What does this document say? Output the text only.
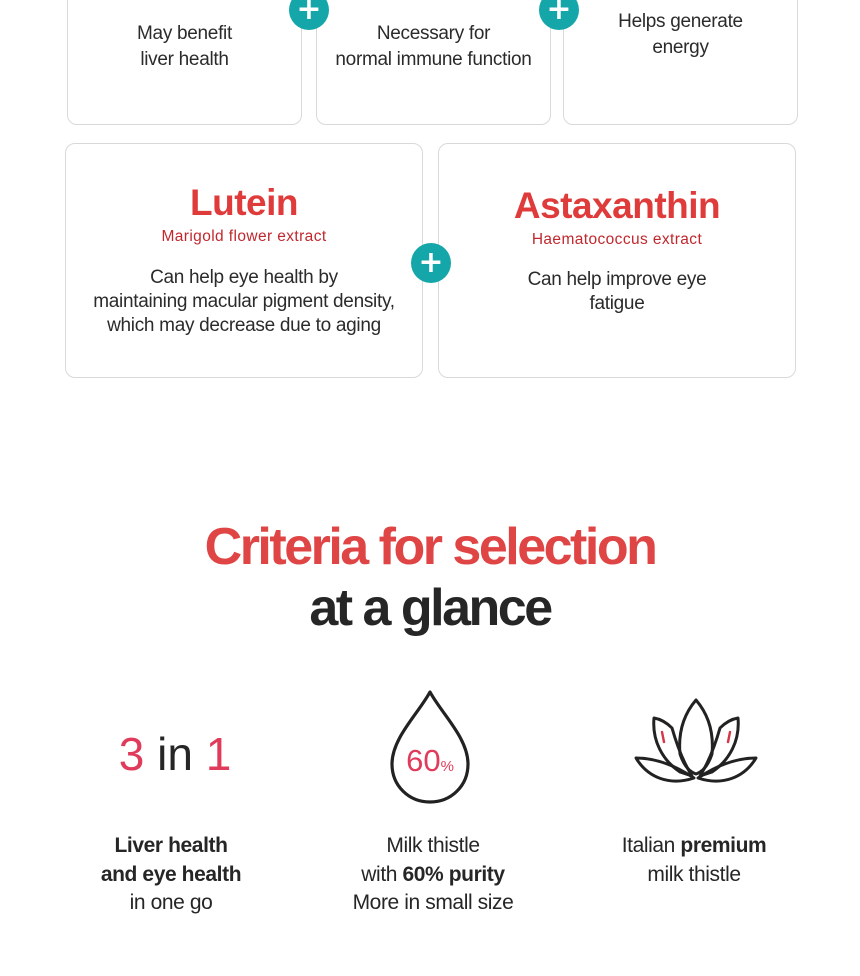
May benefit
liver health
Necessary for
normal immune function
Helps generate
energy
+	+
Lutein
Marigold flower extract
Can help eye health by
maintaining macular pigment density,
which may decrease due to aging
Astaxanthin
Haematococcus extract
Can help improve eye
fatigue
+
Criteria for selection
at a glance
3 in 1
Liver health
and eye health
in one go
60%
Milk thistle
with 60% purity
More in small size
Italian premium
milk thistle
